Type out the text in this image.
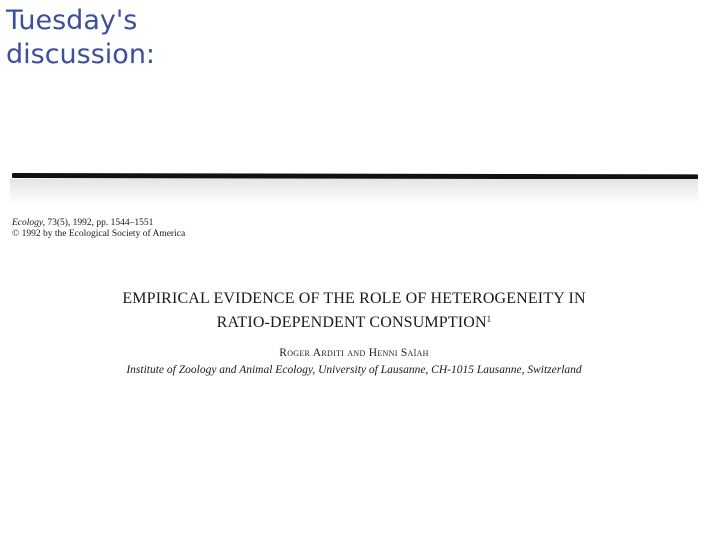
Tuesday's
discussion:
Ecology, 73(5), 1992, pp. 1544–1551
© 1992 by the Ecological Society of America
EMPIRICAL EVIDENCE OF THE ROLE OF HETEROGENEITY IN
RATIO-DEPENDENT CONSUMPTION$^1$
Roger Arditi and Henni Saïah
Institute of Zoology and Animal Ecology, University of Lausanne, CH-1015 Lausanne, Switzerland
